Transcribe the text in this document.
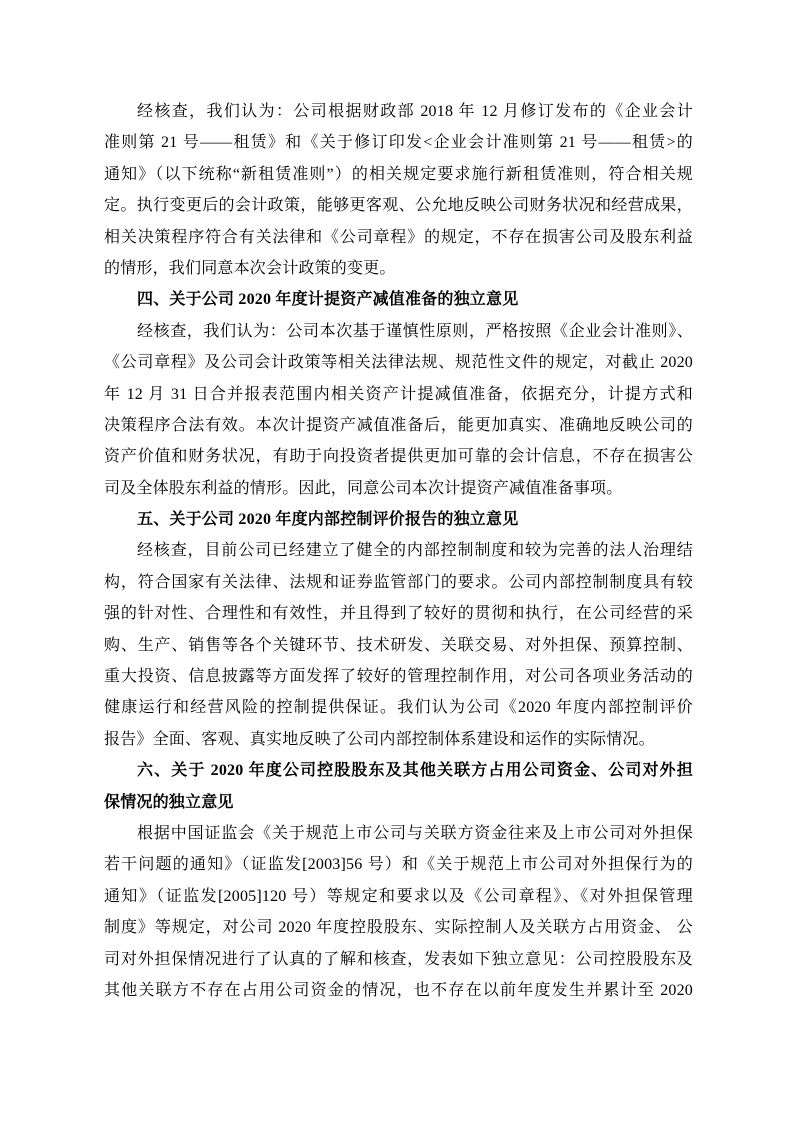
经核查，我们认为：公司根据财政部 2018 年 12 月修订发布的《企业会计

准则第 21 号——租赁》和《关于修订印发<企业会计准则第 21 号——租赁>的

通知》（以下统称“新租赁准则”）的相关规定要求施行新租赁准则，符合相关规

定。执行变更后的会计政策，能够更客观、公允地反映公司财务状况和经营成果，

相关决策程序符合有关法律和《公司章程》的规定，不存在损害公司及股东利益

的情形，我们同意本次会计政策的变更。

四、关于公司 2020 年度计提资产减值准备的独立意见

经核查，我们认为：公司本次基于谨慎性原则，严格按照《企业会计准则》、

《公司章程》及公司会计政策等相关法律法规、规范性文件的规定，对截止 2020

年 12 月 31 日合并报表范围内相关资产计提减值准备，依据充分，计提方式和

决策程序合法有效。本次计提资产减值准备后，能更加真实、准确地反映公司的

资产价值和财务状况，有助于向投资者提供更加可靠的会计信息，不存在损害公

司及全体股东利益的情形。因此，同意公司本次计提资产减值准备事项。

五、关于公司 2020 年度内部控制评价报告的独立意见

经核查，目前公司已经建立了健全的内部控制制度和较为完善的法人治理结

构，符合国家有关法律、法规和证券监管部门的要求。公司内部控制制度具有较

强的针对性、合理性和有效性，并且得到了较好的贯彻和执行，在公司经营的采

购、生产、销售等各个关键环节、技术研发、关联交易、对外担保、预算控制、

重大投资、信息披露等方面发挥了较好的管理控制作用，对公司各项业务活动的

健康运行和经营风险的控制提供保证。我们认为公司《2020 年度内部控制评价

报告》全面、客观、真实地反映了公司内部控制体系建设和运作的实际情况。

六、关于 2020 年度公司控股股东及其他关联方占用公司资金、公司对外担

保情况的独立意见

根据中国证监会《关于规范上市公司与关联方资金往来及上市公司对外担保

若干问题的通知》（证监发[2003]56 号）和《关于规范上市公司对外担保行为的

通知》（证监发[2005]120 号）等规定和要求以及《公司章程》、《对外担保管理

制度》等规定，对公司 2020 年度控股股东、实际控制人及关联方占用资金、 公

司对外担保情况进行了认真的了解和核查，发表如下独立意见：公司控股股东及

其他关联方不存在占用公司资金的情况，也不存在以前年度发生并累计至 2020
